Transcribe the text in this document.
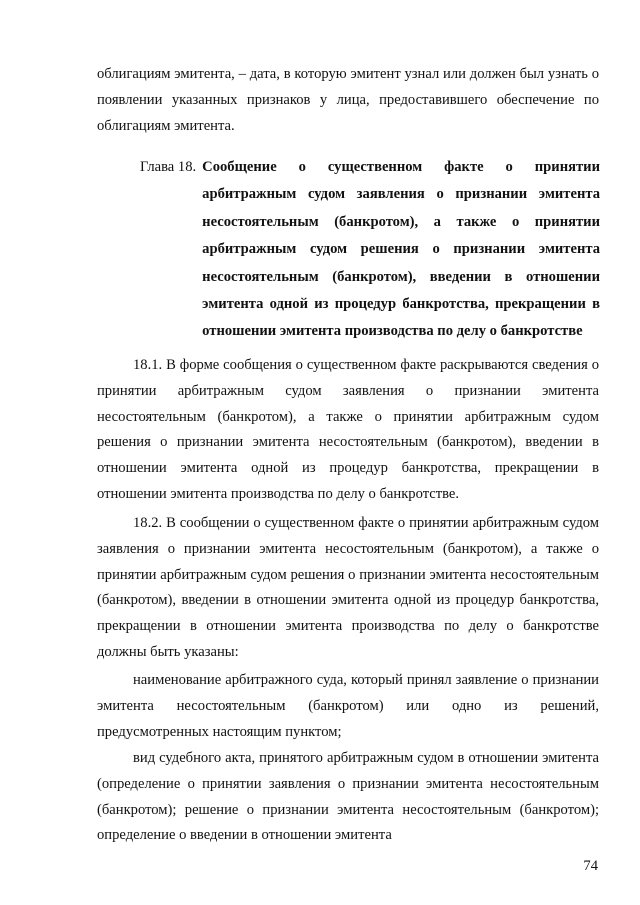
облигациям эмитента, – дата, в которую эмитент узнал или должен был узнать о появлении указанных признаков у лица, предоставившего обеспечение по облигациям эмитента.

Глава 18. Сообщение о существенном факте о принятии арбитражным судом заявления о признании эмитента несостоятельным (банкротом), а также о принятии арбитражным судом решения о признании эмитента несостоятельным (банкротом), введении в отношении эмитента одной из процедур банкротства, прекращении в отношении эмитента производства по делу о банкротстве

18.1. В форме сообщения о существенном факте раскрываются сведения о принятии арбитражным судом заявления о признании эмитента несостоятельным (банкротом), а также о принятии арбитражным судом решения о признании эмитента несостоятельным (банкротом), введении в отношении эмитента одной из процедур банкротства, прекращении в отношении эмитента производства по делу о банкротстве.

18.2. В сообщении о существенном факте о принятии арбитражным судом заявления о признании эмитента несостоятельным (банкротом), а также о принятии арбитражным судом решения о признании эмитента несостоятельным (банкротом), введении в отношении эмитента одной из процедур банкротства, прекращении в отношении эмитента производства по делу о банкротстве должны быть указаны:

наименование арбитражного суда, который принял заявление о признании эмитента несостоятельным (банкротом) или одно из решений, предусмотренных настоящим пунктом;

вид судебного акта, принятого арбитражным судом в отношении эмитента (определение о принятии заявления о признании эмитента несостоятельным (банкротом); решение о признании эмитента несостоятельным (банкротом); определение о введении в отношении эмитента

74
